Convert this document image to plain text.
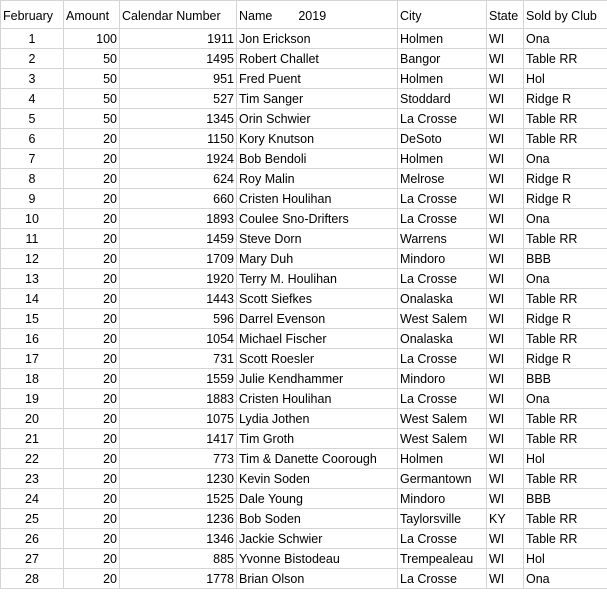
February	Amount	Calendar Number	Name 2019	City	State	Sold by Club
1	100	1911	Jon Erickson	Holmen	WI	Ona
2	50	1495	Robert Challet	Bangor	WI	Table RR
3	50	951	Fred Puent	Holmen	WI	Hol
4	50	527	Tim Sanger	Stoddard	WI	Ridge R
5	50	1345	Orin Schwier	La Crosse	WI	Table RR
6	20	1150	Kory Knutson	DeSoto	WI	Table RR
7	20	1924	Bob Bendoli	Holmen	WI	Ona
8	20	624	Roy Malin	Melrose	WI	Ridge R
9	20	660	Cristen Houlihan	La Crosse	WI	Ridge R
10	20	1893	Coulee Sno-Drifters	La Crosse	WI	Ona
11	20	1459	Steve Dorn	Warrens	WI	Table RR
12	20	1709	Mary Duh	Mindoro	WI	BBB
13	20	1920	Terry M. Houlihan	La Crosse	WI	Ona
14	20	1443	Scott Siefkes	Onalaska	WI	Table RR
15	20	596	Darrel Evenson	West Salem	WI	Ridge R
16	20	1054	Michael Fischer	Onalaska	WI	Table RR
17	20	731	Scott Roesler	La Crosse	WI	Ridge R
18	20	1559	Julie Kendhammer	Mindoro	WI	BBB
19	20	1883	Cristen Houlihan	La Crosse	WI	Ona
20	20	1075	Lydia Jothen	West Salem	WI	Table RR
21	20	1417	Tim Groth	West Salem	WI	Table RR
22	20	773	Tim & Danette Coorough	Holmen	WI	Hol
23	20	1230	Kevin Soden	Germantown	WI	Table RR
24	20	1525	Dale Young	Mindoro	WI	BBB
25	20	1236	Bob Soden	Taylorsville	KY	Table RR
26	20	1346	Jackie Schwier	La Crosse	WI	Table RR
27	20	885	Yvonne Bistodeau	Trempealeau	WI	Hol
28	20	1778	Brian Olson	La Crosse	WI	Ona
